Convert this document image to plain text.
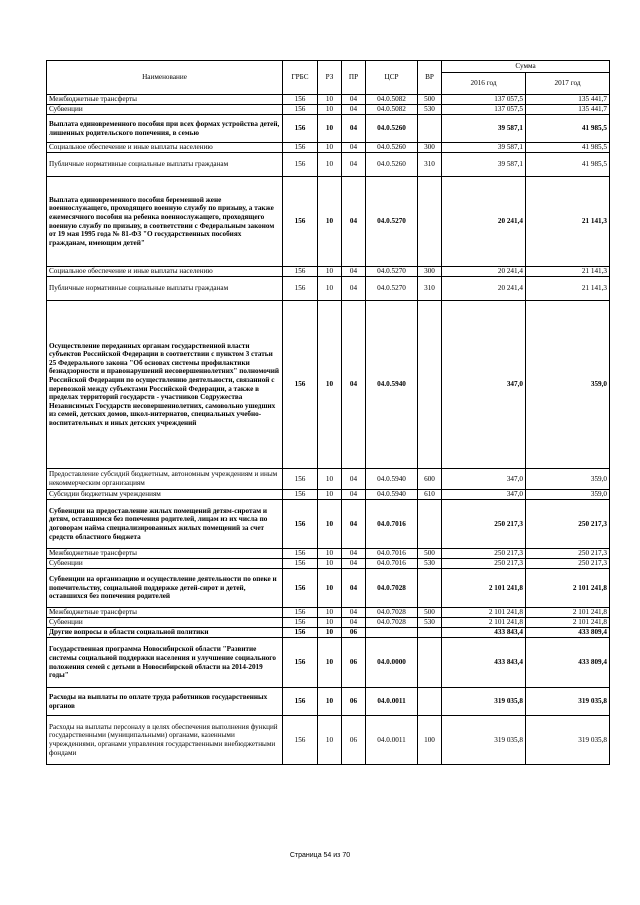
Наименование	ГРБС	РЗ	ПР	ЦСР	ВР	Сумма	
						2016 год	2017 год
Межбюджетные трансферты	156	10	04	04.0.5082	500	137 057,5	135 441,7
Субвенции	156	10	04	04.0.5082	530	137 057,5	135 441,7
Выплата единовременного пособия при всех формах устройства детей, лишенных родительского попечения, в семью	156	10	04	04.0.5260		39 587,1	41 985,5
Социальное обеспечение и иные выплаты населению	156	10	04	04.0.5260	300	39 587,1	41 985,5
Публичные нормативные социальные выплаты гражданам	156	10	04	04.0.5260	310	39 587,1	41 985,5
Выплата единовременного пособия беременной жене военнослужащего, проходящего военную службу по призыву, а также ежемесячного пособия на ребенка военнослужащего, проходящего военную службу по призыву, в соответствии с Федеральным законом от 19 мая 1995 года № 81-ФЗ "О государственных пособиях гражданам, имеющим детей"	156	10	04	04.0.5270		20 241,4	21 141,3
Социальное обеспечение и иные выплаты населению	156	10	04	04.0.5270	300	20 241,4	21 141,3
Публичные нормативные социальные выплаты гражданам	156	10	04	04.0.5270	310	20 241,4	21 141,3
Осуществление переданных органам государственной власти субъектов Российской Федерации в соответствии с пунктом 3 статьи 25 Федерального закона "Об основах системы профилактики безнадзорности и правонарушений несовершеннолетних" полномочий Российской Федерации по осуществлению деятельности, связанной с перевозкой между субъектами Российской Федерации, а также в пределах территорий государств - участников Содружества Независимых Государств несовершеннолетних, самовольно ушедших из семей, детских домов, школ-интернатов, специальных учебно-воспитательных и иных детских учреждений	156	10	04	04.0.5940		347,0	359,0
Предоставление субсидий бюджетным, автономным учреждениям и иным некоммерческим организациям	156	10	04	04.0.5940	600	347,0	359,0
Субсидии бюджетным учреждениям	156	10	04	04.0.5940	610	347,0	359,0
Субвенции на предоставление жилых помещений детям-сиротам и детям, оставшимся без попечения родителей, лицам из их числа по договорам найма специализированных жилых помещений за счет средств областного бюджета	156	10	04	04.0.7016		250 217,3	250 217,3
Межбюджетные трансферты	156	10	04	04.0.7016	500	250 217,3	250 217,3
Субвенции	156	10	04	04.0.7016	530	250 217,3	250 217,3
Субвенции на организацию и осуществление деятельности по опеке и попечительству, социальной поддержке детей-сирот и детей, оставшихся без попечения родителей	156	10	04	04.0.7028		2 101 241,8	2 101 241,8
Межбюджетные трансферты	156	10	04	04.0.7028	500	2 101 241,8	2 101 241,8
Субвенции	156	10	04	04.0.7028	530	2 101 241,8	2 101 241,8
Другие вопросы в области социальной политики	156	10	06			433 843,4	433 809,4
Государственная программа Новосибирской области "Развитие системы социальной поддержки населения и улучшение социального положения семей с детьми в Новосибирской области на 2014-2019 годы"	156	10	06	04.0.0000		433 843,4	433 809,4
Расходы на выплаты по оплате труда работников государственных органов	156	10	06	04.0.0011		319 035,8	319 035,8
Расходы на выплаты персоналу в целях обеспечения выполнения функций государственными (муниципальными) органами, казенными учреждениями, органами управления государственными внебюджетными фондами	156	10	06	04.0.0011	100	319 035,8	319 035,8
Страница 54 из 70
